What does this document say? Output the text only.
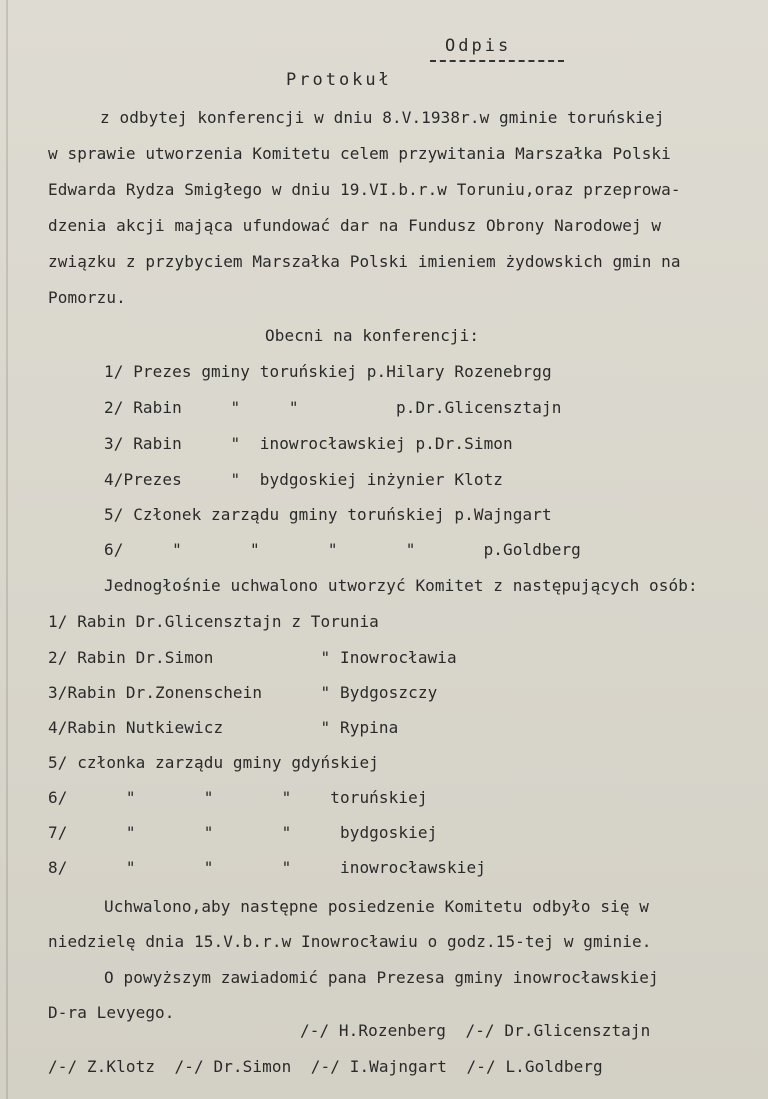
Odpis
Protokuł
z odbytej konferencji w dniu 8.V.1938r.w gminie toruńskiej
w sprawie utworzenia Komitetu celem przywitania Marszałka Polski
Edwarda Rydza Smigłego w dniu 19.VI.b.r.w Toruniu,oraz przeprowa-
dzenia akcji mająca ufundować dar na Fundusz Obrony Narodowej w
związku z przybyciem Marszałka Polski imieniem żydowskich gmin na
Pomorzu.
Obecni na konferencji:
1/ Prezes gminy toruńskiej p.Hilary Rozenebrgg
2/ Rabin     "     "          p.Dr.Glicensztajn
3/ Rabin     "  inowrocławskiej p.Dr.Simon
4/Prezes     "  bydgoskiej inżynier Klotz
5/ Członek zarządu gminy toruńskiej p.Wajngart
6/     "       "       "       "       p.Goldberg
Jednogłośnie uchwalono utworzyć Komitet z następujących osób:
1/ Rabin Dr.Glicensztajn z Torunia
2/ Rabin Dr.Simon           " Inowrocławia
3/Rabin Dr.Zonenschein      " Bydgoszczy
4/Rabin Nutkiewicz          " Rypina
5/ członka zarządu gminy gdyńskiej
6/      "       "       "    toruńskiej
7/      "       "       "     bydgoskiej
8/      "       "       "     inowrocławskiej
Uchwalono,aby następne posiedzenie Komitetu odbyło się w
niedzielę dnia 15.V.b.r.w Inowrocławiu o godz.15-tej w gminie.
O powyższym zawiadomić pana Prezesa gminy inowrocławskiej
D-ra Levyego.
/-/ H.Rozenberg  /-/ Dr.Glicensztajn
/-/ Z.Klotz  /-/ Dr.Simon  /-/ I.Wajngart  /-/ L.Goldberg
